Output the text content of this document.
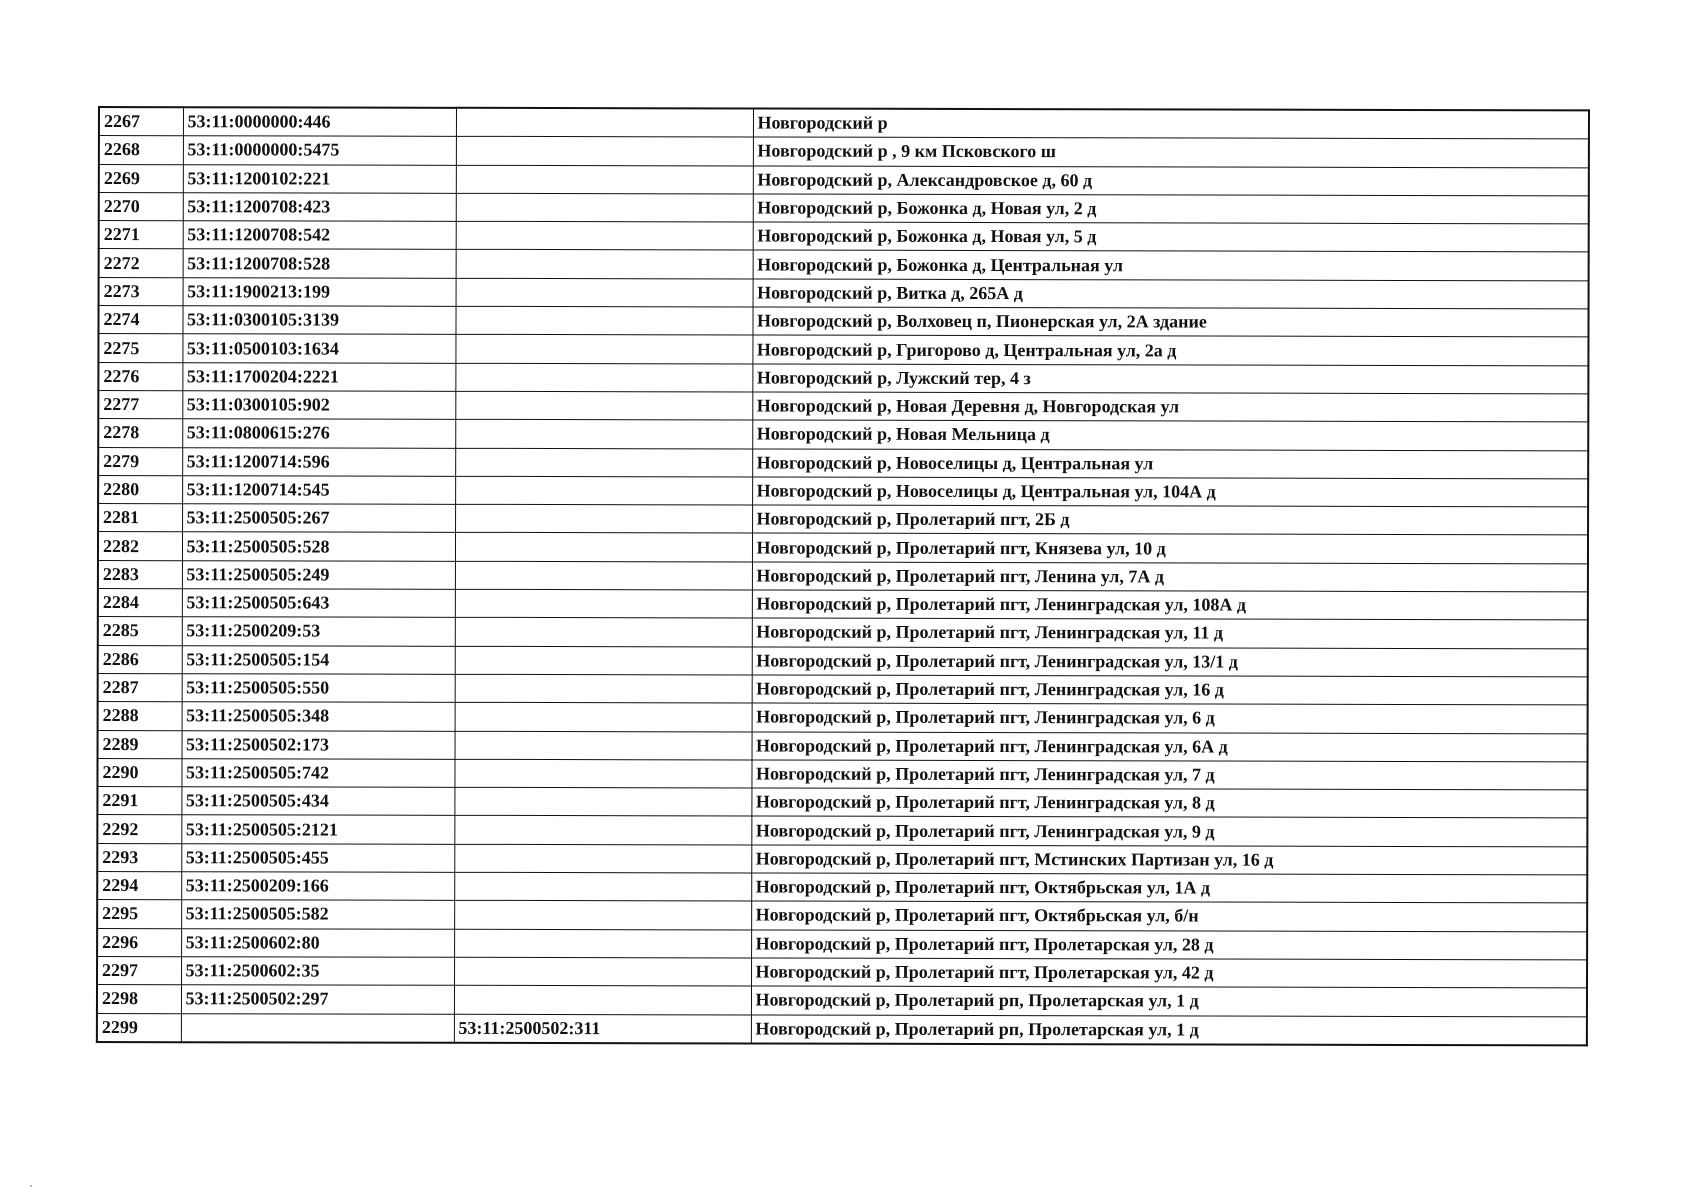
2267	53:11:0000000:446		Новгородский р
2268	53:11:0000000:5475		Новгородский р , 9 км Псковского ш
2269	53:11:1200102:221		Новгородский р, Александровское д, 60 д
2270	53:11:1200708:423		Новгородский р, Божонка д, Новая ул, 2 д
2271	53:11:1200708:542		Новгородский р, Божонка д, Новая ул, 5 д
2272	53:11:1200708:528		Новгородский р, Божонка д, Центральная ул
2273	53:11:1900213:199		Новгородский р, Витка д, 265А д
2274	53:11:0300105:3139		Новгородский р, Волховец п, Пионерская ул, 2А здание
2275	53:11:0500103:1634		Новгородский р, Григорово д, Центральная ул, 2а д
2276	53:11:1700204:2221		Новгородский р, Лужский тер, 4 з
2277	53:11:0300105:902		Новгородский р, Новая Деревня д, Новгородская ул
2278	53:11:0800615:276		Новгородский р, Новая Мельница д
2279	53:11:1200714:596		Новгородский р, Новоселицы д, Центральная ул
2280	53:11:1200714:545		Новгородский р, Новоселицы д, Центральная ул, 104А д
2281	53:11:2500505:267		Новгородский р, Пролетарий пгт, 2Б д
2282	53:11:2500505:528		Новгородский р, Пролетарий пгт, Князева ул, 10 д
2283	53:11:2500505:249		Новгородский р, Пролетарий пгт, Ленина ул, 7А д
2284	53:11:2500505:643		Новгородский р, Пролетарий пгт, Ленинградская ул, 108А д
2285	53:11:2500209:53		Новгородский р, Пролетарий пгт, Ленинградская ул, 11 д
2286	53:11:2500505:154		Новгородский р, Пролетарий пгт, Ленинградская ул, 13/1 д
2287	53:11:2500505:550		Новгородский р, Пролетарий пгт, Ленинградская ул, 16 д
2288	53:11:2500505:348		Новгородский р, Пролетарий пгт, Ленинградская ул, 6 д
2289	53:11:2500502:173		Новгородский р, Пролетарий пгт, Ленинградская ул, 6А д
2290	53:11:2500505:742		Новгородский р, Пролетарий пгт, Ленинградская ул, 7 д
2291	53:11:2500505:434		Новгородский р, Пролетарий пгт, Ленинградская ул, 8 д
2292	53:11:2500505:2121		Новгородский р, Пролетарий пгт, Ленинградская ул, 9 д
2293	53:11:2500505:455		Новгородский р, Пролетарий пгт, Мстинских Партизан ул, 16 д
2294	53:11:2500209:166		Новгородский р, Пролетарий пгт, Октябрьская ул, 1А д
2295	53:11:2500505:582		Новгородский р, Пролетарий пгт, Октябрьская ул, б/н
2296	53:11:2500602:80		Новгородский р, Пролетарий пгт, Пролетарская ул, 28 д
2297	53:11:2500602:35		Новгородский р, Пролетарий пгт, Пролетарская ул, 42 д
2298	53:11:2500502:297		Новгородский р, Пролетарий рп, Пролетарская ул, 1 д
2299		53:11:2500502:311	Новгородский р, Пролетарий рп, Пролетарская ул, 1 д
